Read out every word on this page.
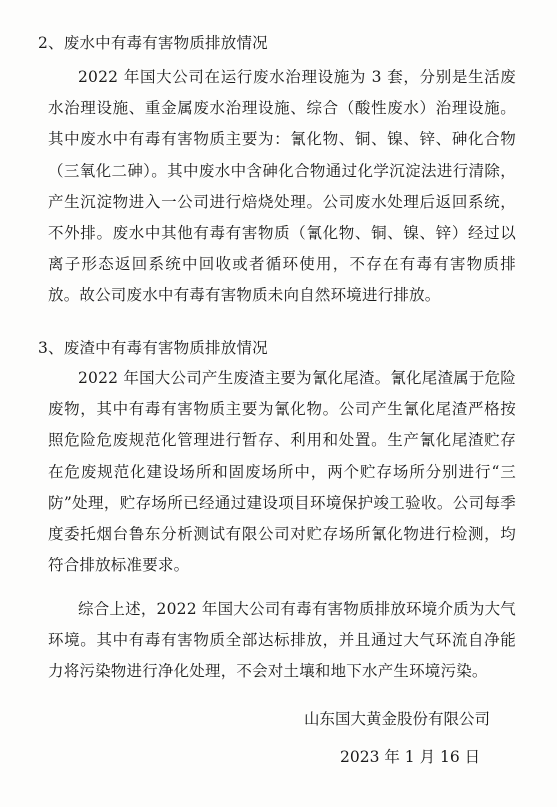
2、废水中有毒有害物质排放情况
2022 年国大公司在运行废水治理设施为 3 套，分别是生活废水治理设施、重金属废水治理设施、综合（酸性废水）治理设施。其中废水中有毒有害物质主要为：氰化物、铜、镍、锌、砷化合物（三氧化二砷）。其中废水中含砷化合物通过化学沉淀法进行清除，产生沉淀物进入一公司进行焙烧处理。公司废水处理后返回系统，不外排。废水中其他有毒有害物质（氰化物、铜、镍、锌）经过以离子形态返回系统中回收或者循环使用，不存在有毒有害物质排放。故公司废水中有毒有害物质未向自然环境进行排放。
3、废渣中有毒有害物质排放情况
2022 年国大公司产生废渣主要为氰化尾渣。氰化尾渣属于危险废物，其中有毒有害物质主要为氰化物。公司产生氰化尾渣严格按照危险危废规范化管理进行暂存、利用和处置。生产氰化尾渣贮存在危废规范化建设场所和固废场所中，两个贮存场所分别进行“三防”处理，贮存场所已经通过建设项目环境保护竣工验收。公司每季度委托烟台鲁东分析测试有限公司对贮存场所氰化物进行检测，均符合排放标准要求。
综合上述，2022 年国大公司有毒有害物质排放环境介质为大气环境。其中有毒有害物质全部达标排放，并且通过大气环流自净能力将污染物进行净化处理，不会对土壤和地下水产生环境污染。
山东国大黄金股份有限公司
2023 年 1 月 16 日
